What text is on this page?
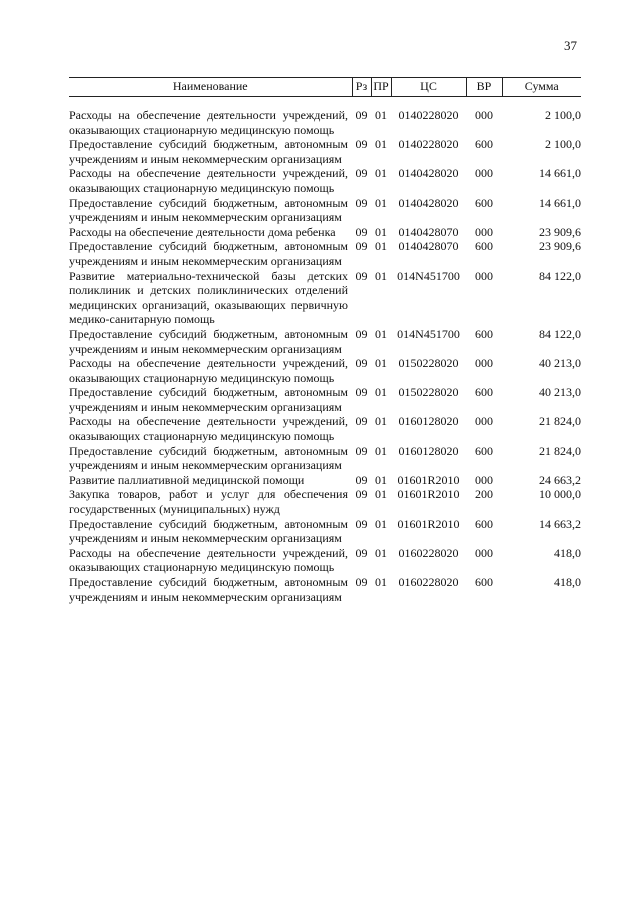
37
Наименование	Рз	ПР	ЦС	ВР	Сумма
Расходы на обеспечение деятельности учреждений, оказывающих стационарную медицинскую помощь	09	01	0140228020	000	2 100,0
Предоставление субсидий бюджетным, автономным учреждениям и иным некоммерческим организациям	09	01	0140228020	600	2 100,0
Расходы на обеспечение деятельности учреждений, оказывающих стационарную медицинскую помощь	09	01	0140428020	000	14 661,0
Предоставление субсидий бюджетным, автономным учреждениям и иным некоммерческим организациям	09	01	0140428020	600	14 661,0
Расходы на обеспечение деятельности дома ребенка	09	01	0140428070	000	23 909,6
Предоставление субсидий бюджетным, автономным учреждениям и иным некоммерческим организациям	09	01	0140428070	600	23 909,6
Развитие материально-технической базы детских поликлиник и детских поликлинических отделений медицинских организаций, оказывающих первичную медико-санитарную помощь	09	01	014N451700	000	84 122,0
Предоставление субсидий бюджетным, автономным учреждениям и иным некоммерческим организациям	09	01	014N451700	600	84 122,0
Расходы на обеспечение деятельности учреждений, оказывающих стационарную медицинскую помощь	09	01	0150228020	000	40 213,0
Предоставление субсидий бюджетным, автономным учреждениям и иным некоммерческим организациям	09	01	0150228020	600	40 213,0
Расходы на обеспечение деятельности учреждений, оказывающих стационарную медицинскую помощь	09	01	0160128020	000	21 824,0
Предоставление субсидий бюджетным, автономным учреждениям и иным некоммерческим организациям	09	01	0160128020	600	21 824,0
Развитие паллиативной медицинской помощи	09	01	01601R2010	000	24 663,2
Закупка товаров, работ и услуг для обеспечения государственных (муниципальных) нужд	09	01	01601R2010	200	10 000,0
Предоставление субсидий бюджетным, автономным учреждениям и иным некоммерческим организациям	09	01	01601R2010	600	14 663,2
Расходы на обеспечение деятельности учреждений, оказывающих стационарную медицинскую помощь	09	01	0160228020	000	418,0
Предоставление субсидий бюджетным, автономным учреждениям и иным некоммерческим организациям	09	01	0160228020	600	418,0
